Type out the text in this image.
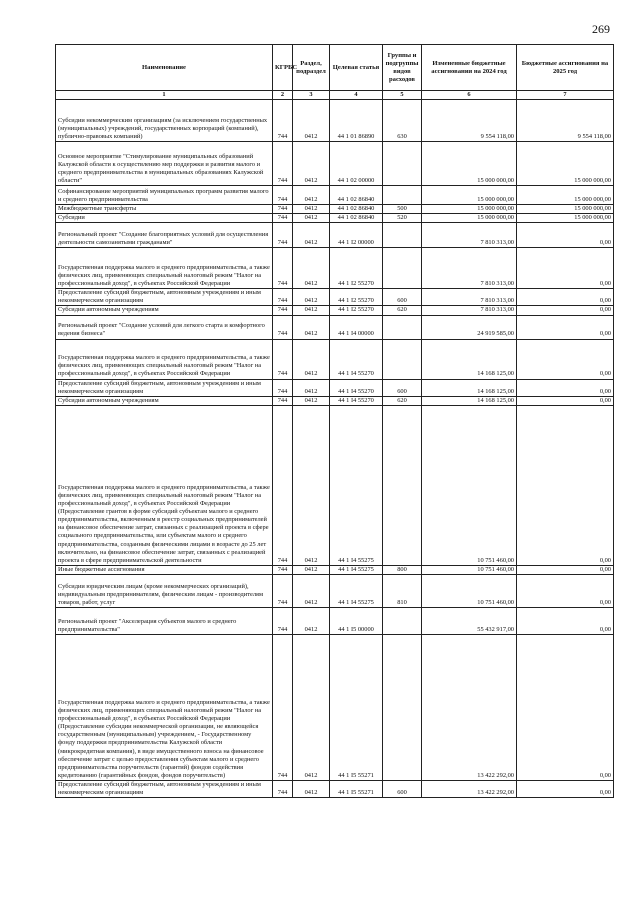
269
Наименование	КГРБС	Раздел, подраздел	Целевая статья	Группы и подгруппы видов расходов	Измененные бюджетные ассигнования на 2024 год	Бюджетные ассигнования на 2025 год
1	2	3	4	5	6	7
Субсидии некоммерческим организациям (за исключением государственных (муниципальных) учреждений, государственных корпораций (компаний), публично-правовых компаний)	744	0412	44 1 01 86890	630	9 554 118,00	9 554 118,00
Основное мероприятие "Стимулирование муниципальных образований Калужской области к осуществлению мер поддержки и развития малого и среднего предпринимательства в муниципальных образованиях Калужской области"	744	0412	44 1 02 00000		15 000 000,00	15 000 000,00
Софинансирование мероприятий муниципальных программ развития малого и среднего предпринимательства	744	0412	44 1 02 86840		15 000 000,00	15 000 000,00
Межбюджетные трансферты	744	0412	44 1 02 86840	500	15 000 000,00	15 000 000,00
Субсидии	744	0412	44 1 02 86840	520	15 000 000,00	15 000 000,00
Региональный проект "Создание благоприятных условий для осуществления деятельности самозанятыми гражданами"	744	0412	44 1 I2 00000		7 810 313,00	0,00
Государственная поддержка малого и среднего предпринимательства, а также физических лиц, применяющих специальный налоговый режим "Налог на профессиональный доход", в субъектах Российской Федерации	744	0412	44 1 I2 55270		7 810 313,00	0,00
Предоставление субсидий бюджетным, автономным учреждениям и иным некоммерческим организациям	744	0412	44 1 I2 55270	600	7 810 313,00	0,00
Субсидии автономным учреждениям	744	0412	44 1 I2 55270	620	7 810 313,00	0,00
Региональный проект "Создание условий для легкого старта и комфортного ведения бизнеса"	744	0412	44 1 I4 00000		24 919 585,00	0,00
Государственная поддержка малого и среднего предпринимательства, а также физических лиц, применяющих специальный налоговый режим "Налог на профессиональный доход", в субъектах Российской Федерации	744	0412	44 1 I4 55270		14 168 125,00	0,00
Предоставление субсидий бюджетным, автономным учреждениям и иным некоммерческим организациям	744	0412	44 1 I4 55270	600	14 168 125,00	0,00
Субсидии автономным учреждениям	744	0412	44 1 I4 55270	620	14 168 125,00	0,00
Государственная поддержка малого и среднего предпринимательства, а также физических лиц, применяющих специальный налоговый режим "Налог на профессиональный доход", в субъектах Российской Федерации (Предоставление грантов в форме субсидий субъектам малого и среднего предпринимательства, включенным в реестр социальных предпринимателей на финансовое обеспечение затрат, связанных с реализацией проекта в сфере социального предпринимательства, или субъектам малого и среднего предпринимательства, созданным физическими лицами в возрасте до 25 лет включительно, на финансовое обеспечение затрат, связанных с реализацией проекта в сфере предпринимательской деятельности	744	0412	44 1 I4 55275		10 751 460,00	0,00
Иные бюджетные ассигнования	744	0412	44 1 I4 55275	800	10 751 460,00	0,00
Субсидии юридическим лицам (кроме некоммерческих организаций), индивидуальным предпринимателям, физическим лицам - производителям товаров, работ, услуг	744	0412	44 1 I4 55275	810	10 751 460,00	0,00
Региональный проект "Акселерация субъектов малого и среднего предпринимательства"	744	0412	44 1 I5 00000		55 432 917,00	0,00
Государственная поддержка малого и среднего предпринимательства, а также физических лиц, применяющих специальный налоговый режим "Налог на профессиональный доход", в субъектах Российской Федерации (Предоставление субсидии некоммерческой организации, не являющейся государственным (муниципальным) учреждением, - Государственному фонду поддержки предпринимательства Калужской области (микрокредитная компания), в виде имущественного взноса на финансовое обеспечение затрат с целью предоставления субъектам малого и среднего предпринимательства поручительств (гарантий) фондов содействия кредитованию (гарантийных фондов, фондов поручительств)	744	0412	44 1 I5 55271		13 422 292,00	0,00
Предоставление субсидий бюджетным, автономным учреждениям и иным некоммерческим организациям	744	0412	44 1 I5 55271	600	13 422 292,00	0,00
